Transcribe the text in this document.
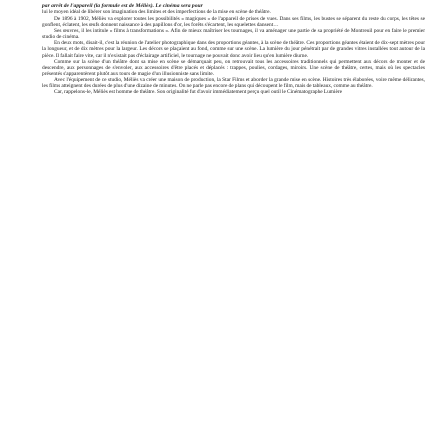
par arrêt de l'appareil (la formule est de Méliès). Le cinéma sera pour

lui le moyen idéal de libérer son imagination des limites et des imperfections de la mise en scène de théâtre.

De 1896 à 1902, Méliès va explorer toutes les possibilités « magiques » de l'appareil de prises de vues. Dans ses films, les bustes se séparent du reste du corps, les têtes se gonflent, éclatent, les œufs donnent naissance à des papillons d'or, les forêts s'écartent, les squelettes dansent…

Ses œuvres, il les intitule « films à transformations ». Afin de mieux maîtriser les tournages, il va aménager une partie de sa propriété de Montreuil pour en faire le premier studio de cinéma.

En deux mots, disait-il, c'est la réunion de l'atelier photographique dans des proportions géantes, à la scène de théâtre. Ces proportions géantes étaient de dix-sept mètres pour la longueur, et de dix mètres pour la largeur. Les décors se plaçaient au fond, comme sur une scène. La lumière du jour pénétrait par de grandes vitres installées tout autour de la pièce. Il fallait faire vite, car il n'existait pas d'éclairage artificiel, le tournage ne pouvait donc avoir lieu qu'en lumière diurne.

Comme sur la scène d'un théâtre dont sa mise en scène se démarquait peu, on retrouvait tous les accessoires traditionnels qui permettent aux décors de monter et de descendre, aux personnages de s'envoler, aux accessoires d'être placés et déplacés : trappes, poulies, cordages, miroirs. Une scène de théâtre, certes, mais où les spectacles présentés s'apparentèrent plutôt aux tours de magie d'un illusionniste sans limite.

Avec l'équipement de ce studio, Méliès va créer une maison de production, la Star Films et aborder la grande mise en scène. Histoires très élaborées, voire même délirantes, les films atteignent des durées de plus d'une dizaine de minutes. On ne parle pas encore de plans qui découpent le film, mais de tableaux, comme au théâtre.

Car, rappelons-le, Méliès est homme de théâtre. Son originalité fut d'avoir immédiatement perçu quel outil le Cinématographe Lumière
